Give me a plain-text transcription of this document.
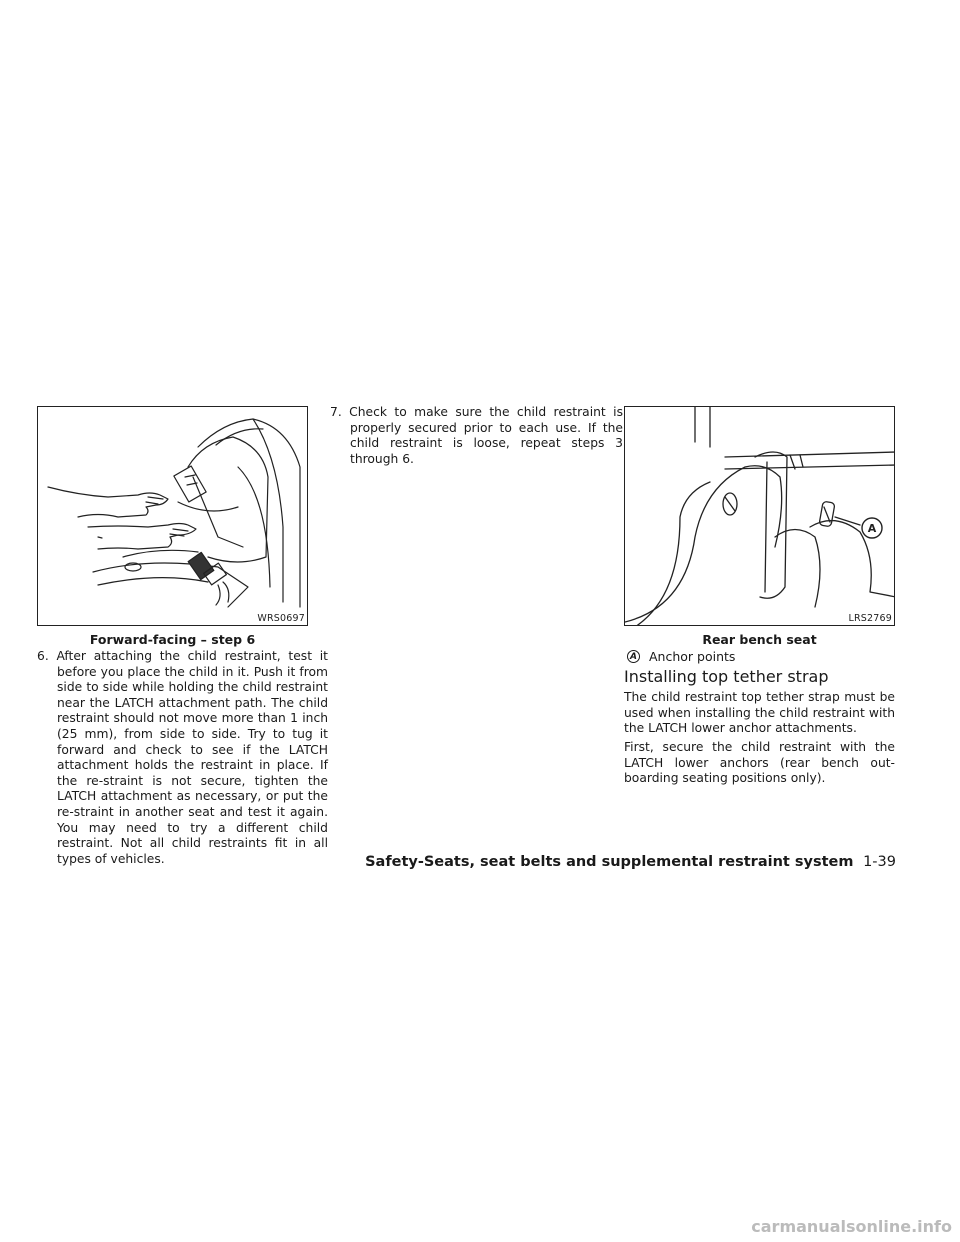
WRS0697
Forward-facing – step 6

6. After attaching the child restraint, test it before you place the child in it. Push it from side to side while holding the child restraint near the LATCH attachment path. The child restraint should not move more than 1 inch (25 mm), from side to side. Try to tug it forward and check to see if the LATCH attachment holds the restraint in place. If the re-straint is not secure, tighten the LATCH attachment as necessary, or put the re-straint in another seat and test it again. You may need to try a different child restraint. Not all child restraints fit in all types of vehicles.

7. Check to make sure the child restraint is properly secured prior to each use. If the child restraint is loose, repeat steps 3 through 6.

A
LRS2769
Rear bench seat
A Anchor points
Installing top tether strap

The child restraint top tether strap must be used when installing the child restraint with the LATCH lower anchor attachments.

First, secure the child restraint with the LATCH lower anchors (rear bench out-boarding seating positions only).

Safety-Seats, seat belts and supplemental restraint system 1-39
carmanualsonline.info
